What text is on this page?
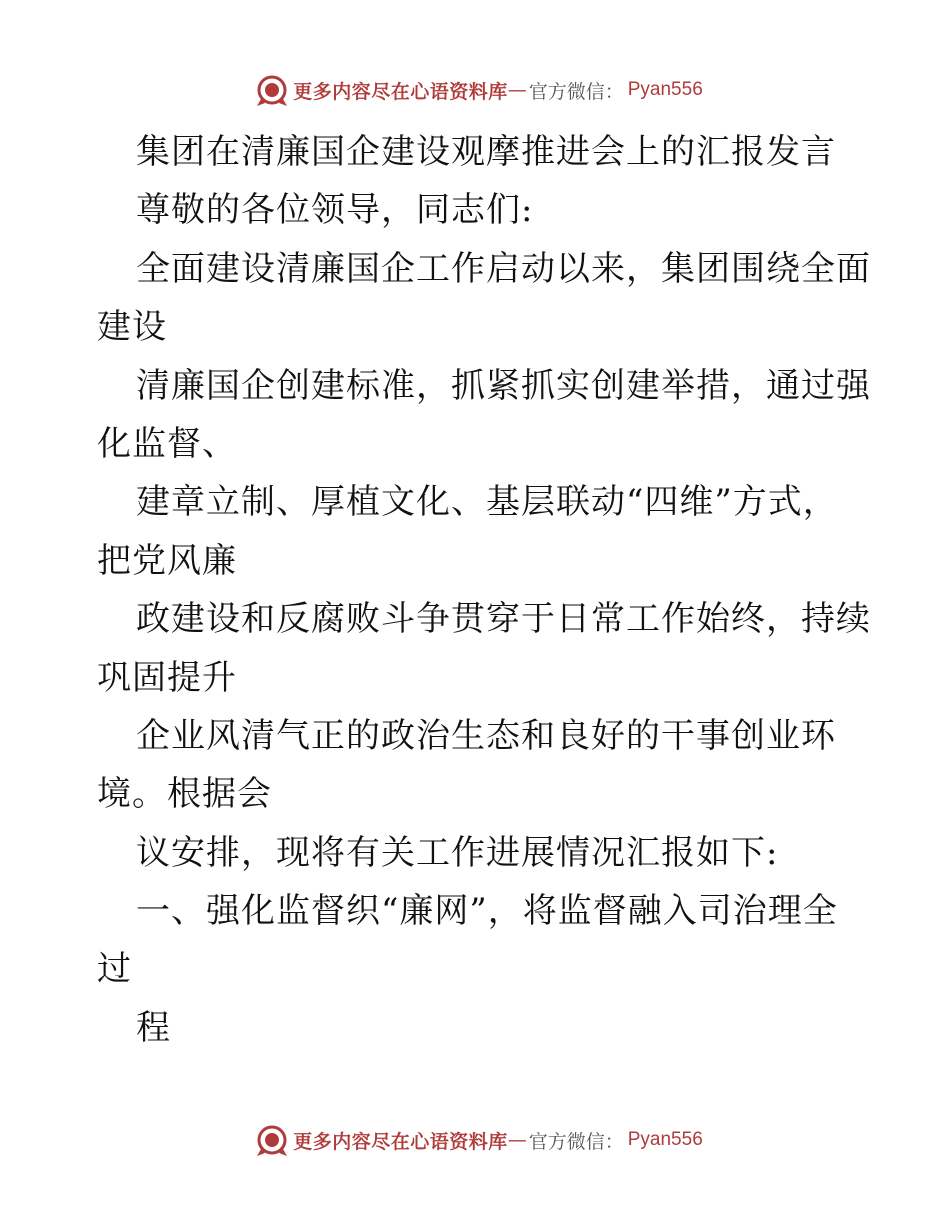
更多内容尽在心语资料库 — 官方微信： Pyan556
集团在清廉国企建设观摩推进会上的汇报发言
尊敬的各位领导，同志们:
全面建设清廉国企工作启动以来，集团围绕全面
建设
清廉国企创建标准，抓紧抓实创建举措，通过强
化监督、
建章立制、厚植文化、基层联动“四维”方式，
把党风廉
政建设和反腐败斗争贯穿于日常工作始终，持续
巩固提升
企业风清气正的政治生态和良好的干事创业环
境。根据会
议安排，现将有关工作进展情况汇报如下:
一、强化监督织“廉网”，将监督融入司治理全
过
程
更多内容尽在心语资料库 — 官方微信： Pyan556
